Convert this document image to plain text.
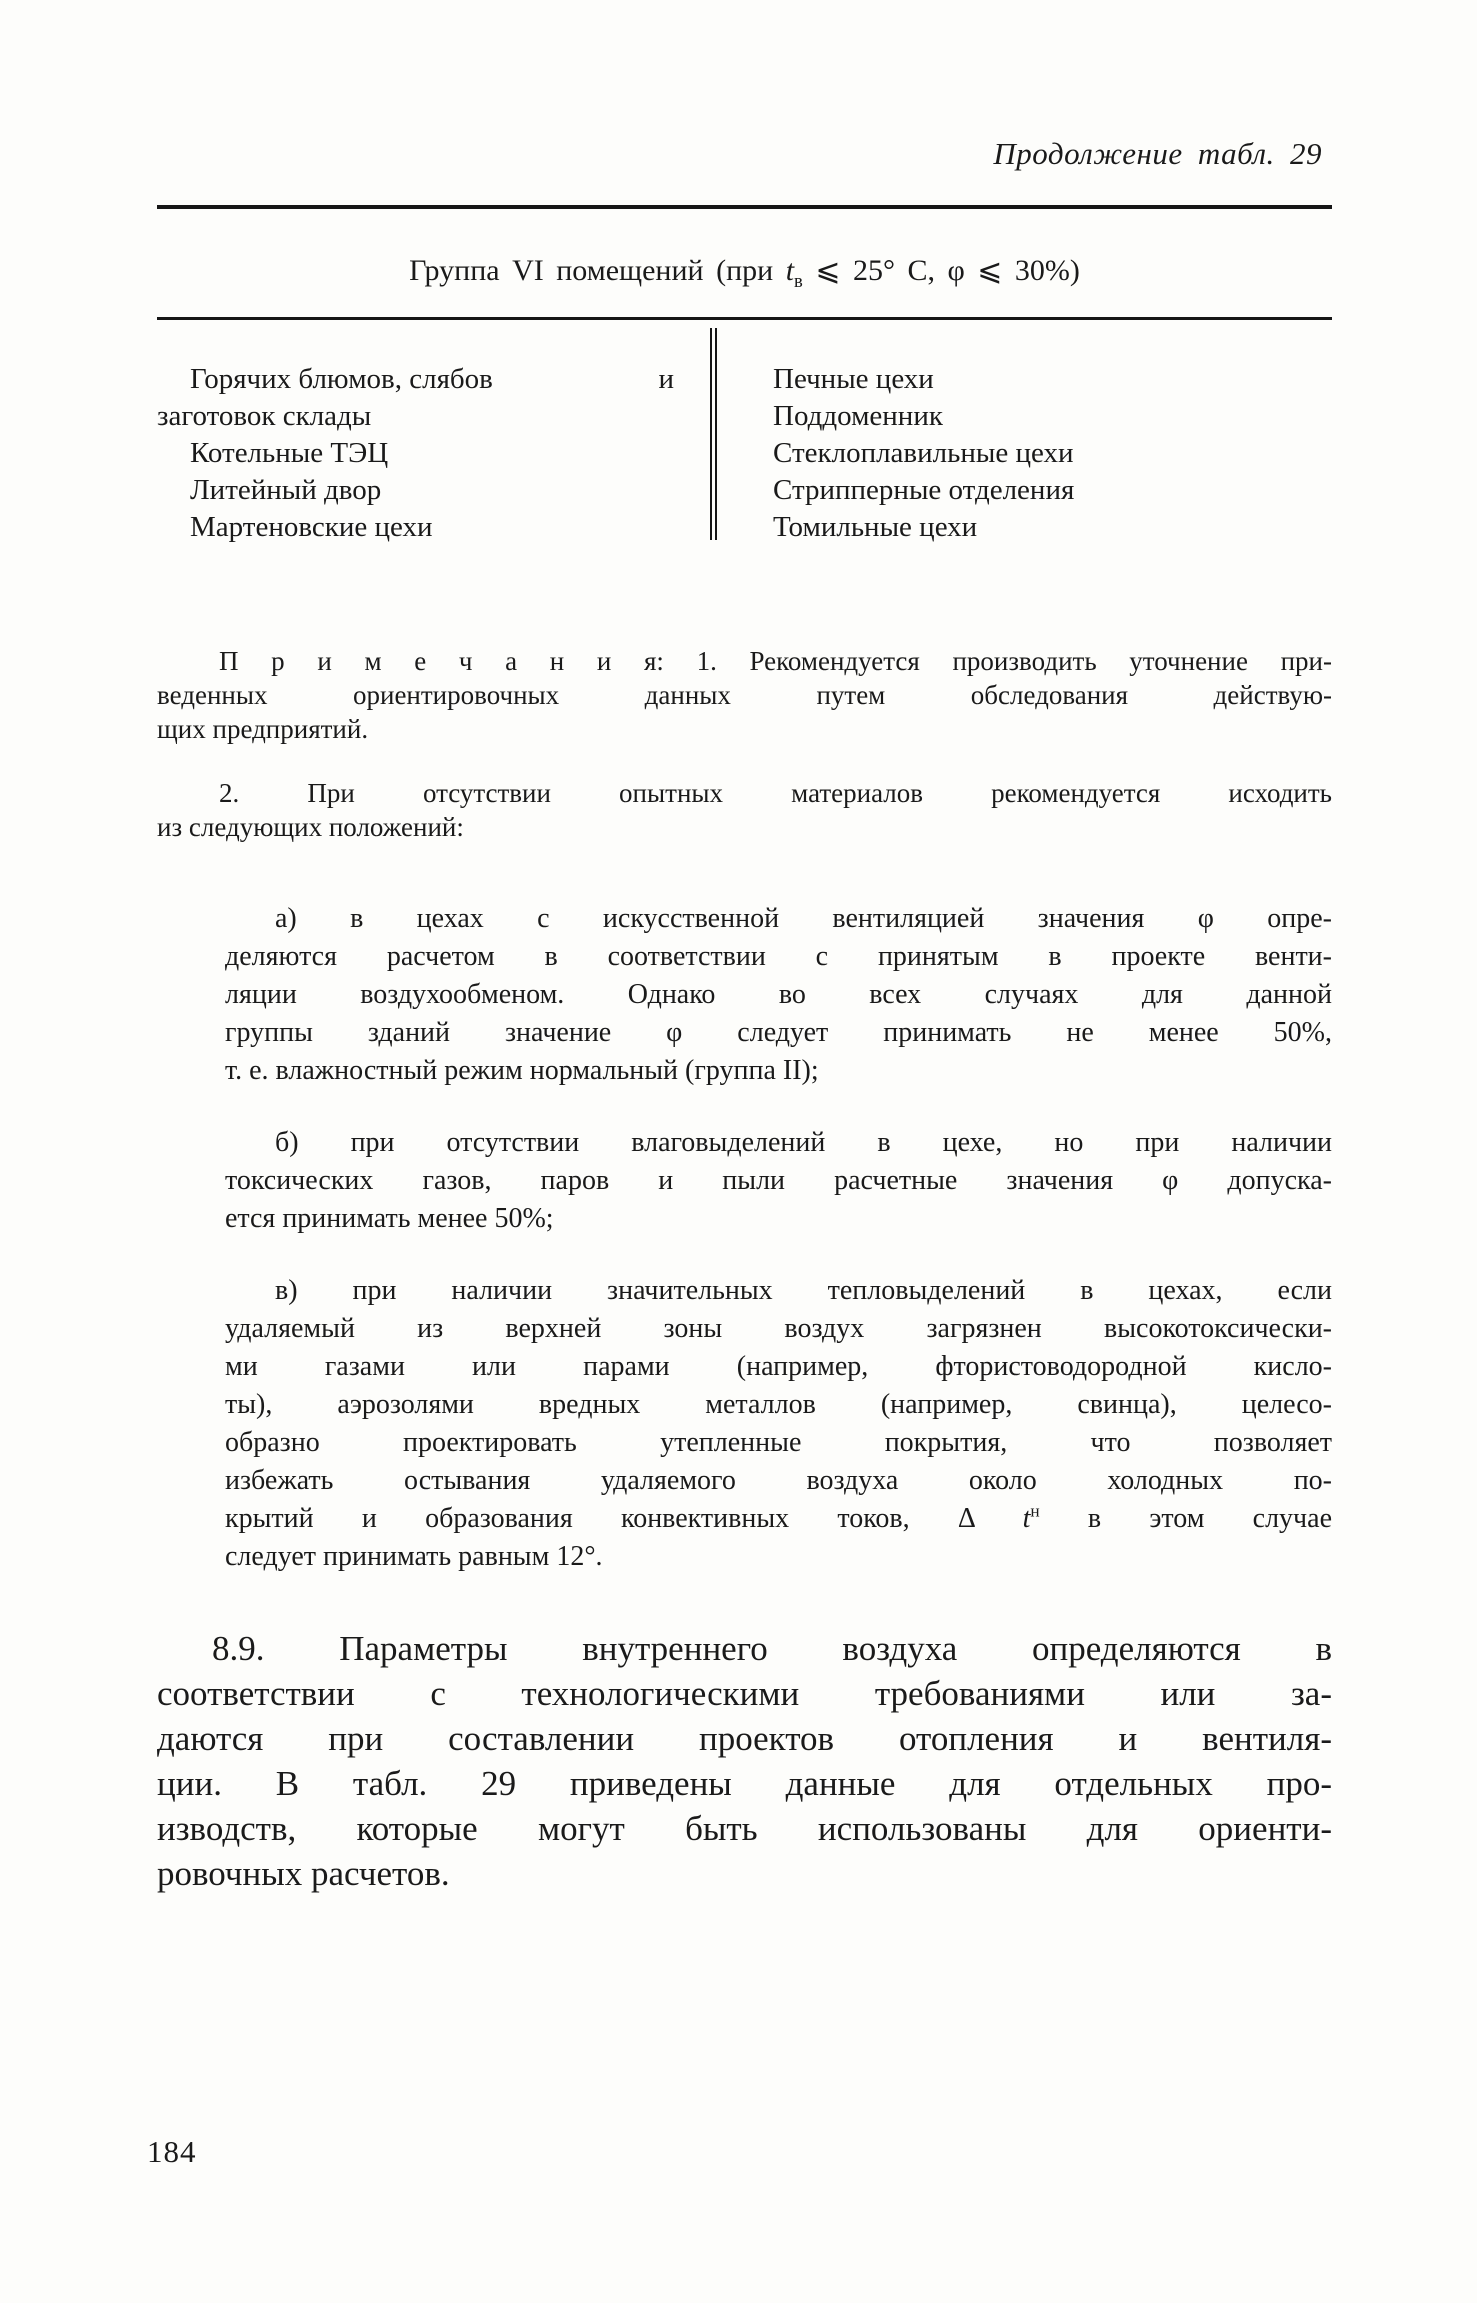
Продолжение табл. 29
Группа VI помещений (при $t_в$ ⩽ 25° С, φ ⩽ 30%)
Горячих блюмов, слябов	и
заготовок склады
Котельные ТЭЦ
Литейный двор
Мартеновские цехи
Печные цехи
Поддоменник
Стеклоплавильные цехи
Стрипперные отделения
Томильные цехи
П р и м е ч а н и я: 1. Рекомендуется производить уточнение при-
веденных ориентировочных данных путем обследования действую-
щих предприятий.
2. При отсутствии опытных материалов рекомендуется исходить
из следующих положений:
а) в цехах с искусственной вентиляцией значения φ опре-
деляются расчетом в соответствии с принятым в проекте венти-
ляции воздухообменом. Однако во всех случаях для данной
группы зданий значение φ следует принимать не менее 50%,
т. е. влажностный режим нормальный (группа II);
б) при отсутствии влаговыделений в цехе, но при наличии
токсических газов, паров и пыли расчетные значения φ допуска-
ется принимать менее 50%;
в) при наличии значительных тепловыделений в цехах, если
удаляемый из верхней зоны воздух загрязнен высокотоксически-
ми газами или парами (например, фтористоводородной кисло-
ты), аэрозолями вредных металлов (например, свинца), целесо-
образно проектировать утепленные покрытия, что позволяет
избежать остывания удаляемого воздуха около холодных по-
крытий и образования конвективных токов, Δ $t^н$ в этом случае
следует принимать равным 12°.
8.9. Параметры внутреннего воздуха определяются в
соответствии с технологическими требованиями или за-
даются при составлении проектов отопления и вентиля-
ции. В табл. 29 приведены данные для отдельных про-
изводств, которые могут быть использованы для ориенти-
ровочных расчетов.
184
